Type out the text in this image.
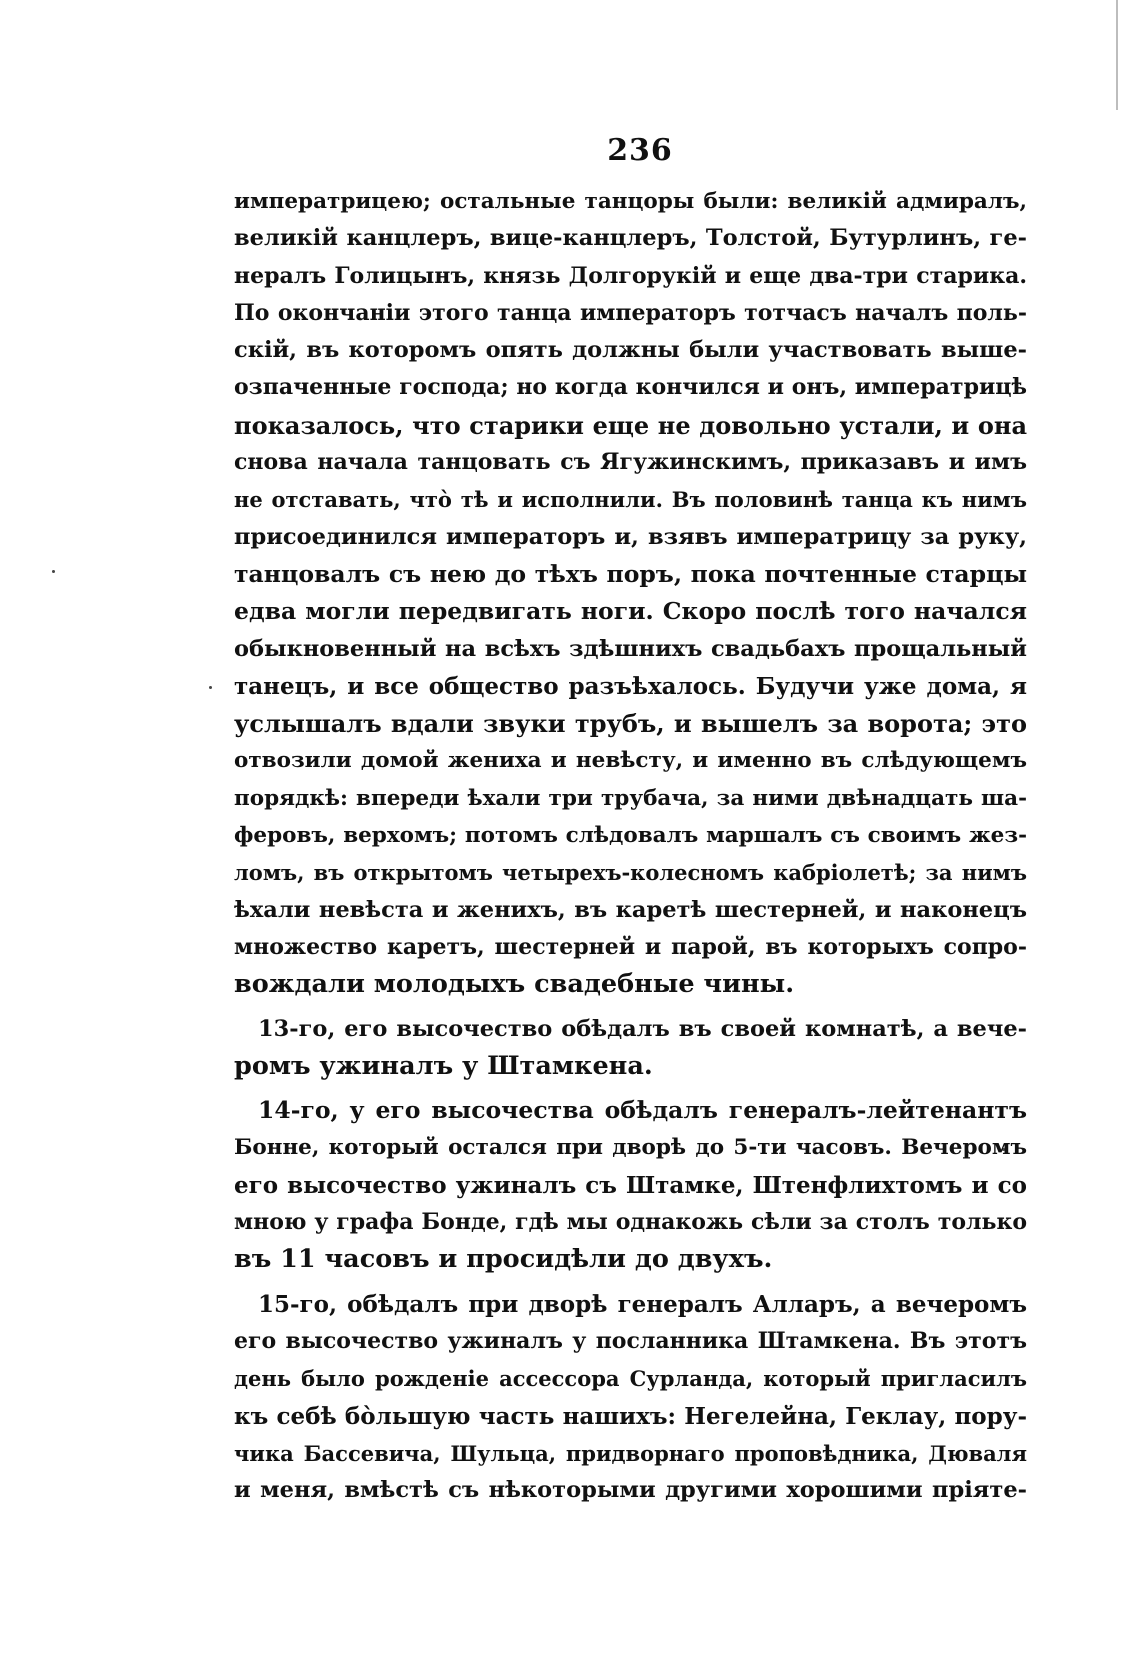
236
императрицею; остальные танцоры были: великій адмиралъ,
великій канцлеръ, вице-канцлеръ, Толстой, Бутурлинъ, ге-
нералъ Голицынъ, князь Долгорукій и еще два-три старика.
По окончаніи этого танца императоръ тотчасъ началъ поль-
скій, въ которомъ опять должны были участвовать выше-
озпаченные господа; но когда кончился и онъ, императрицѣ
показалось, что старики еще не довольно устали, и она
снова начала танцовать съ Ягужинскимъ, приказавъ и имъ
не отставать, что̀ тѣ и исполнили. Въ половинѣ танца къ нимъ
присоединился императоръ и, взявъ императрицу за руку,
танцовалъ съ нею до тѣхъ поръ, пока почтенные старцы
едва могли передвигать ноги. Скоро послѣ того начался
обыкновенный на всѣхъ здѣшнихъ свадьбахъ прощальный
танецъ, и все общество разъѣхалось. Будучи уже дома, я
услышалъ вдали звуки трубъ, и вышелъ за ворота; это
отвозили домой жениха и невѣсту, и именно въ слѣдующемъ
порядкѣ: впереди ѣхали три трубача, за ними двѣнадцать ша-
феровъ, верхомъ; потомъ слѣдовалъ маршалъ съ своимъ жез-
ломъ, въ открытомъ четырехъ-колесномъ кабріолетѣ; за нимъ
ѣхали невѣста и женихъ, въ каретѣ шестерней, и наконецъ
множество каретъ, шестерней и парой, въ которыхъ сопро-
вождали молодыхъ свадебные чины.
13-го, его высочество обѣдалъ въ своей комнатѣ, а вече-
ромъ ужиналъ у Штамкена.
14-го, у его высочества обѣдалъ генералъ-лейтенантъ
Бонне, который остался при дворѣ до 5-ти часовъ. Вечеромъ
его высочество ужиналъ съ Штамке, Штенфлихтомъ и со
мною у графа Бонде, гдѣ мы однакожь сѣли за столъ только
въ 11 часовъ и просидѣли до двухъ.
15-го, обѣдалъ при дворѣ генералъ Алларъ, а вечеромъ
его высочество ужиналъ у посланника Штамкена. Въ этотъ
день было рожденіе ассессора Сурланда, который пригласилъ
къ себѣ бо̀льшую часть нашихъ: Негелейна, Геклау, пору-
чика Бассевича, Шульца, придворнаго проповѣдника, Дюваля
и меня, вмѣстѣ съ нѣкоторыми другими хорошими пріяте-
